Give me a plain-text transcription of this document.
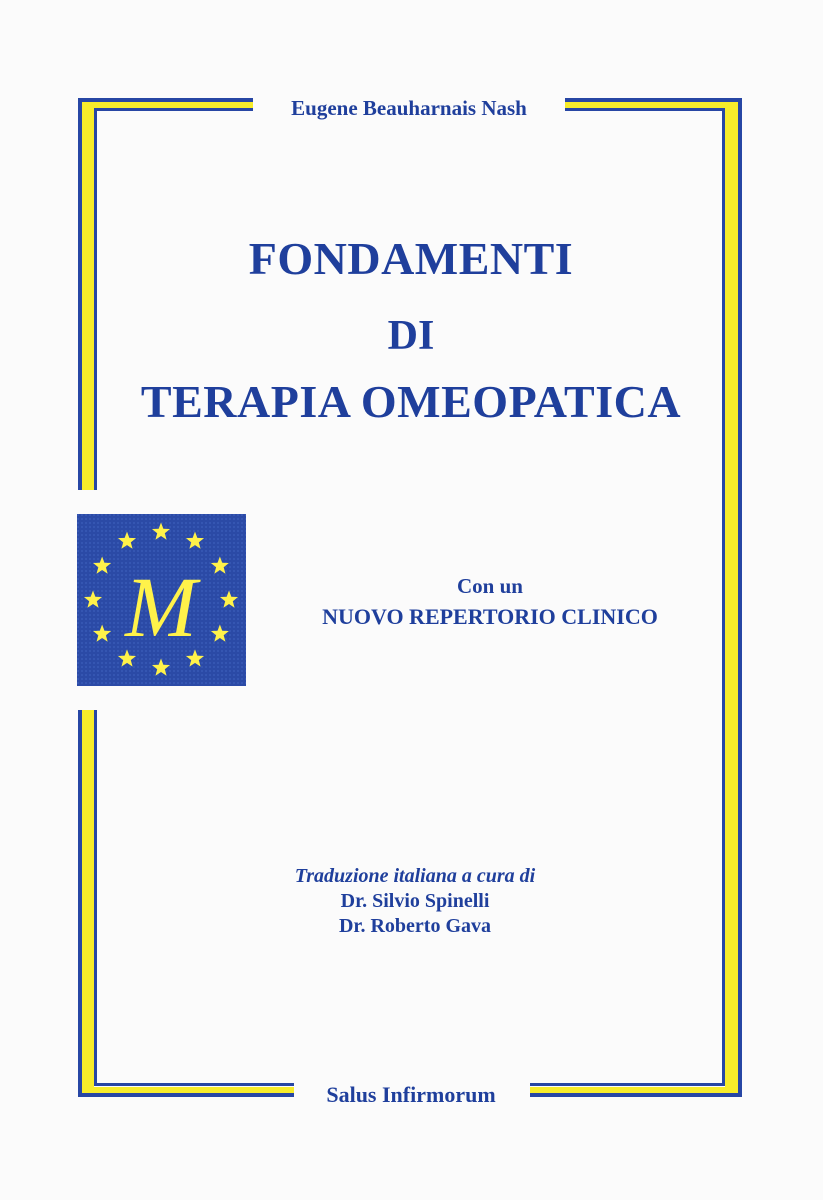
Eugene Beauharnais Nash
FONDAMENTI
DI
TERAPIA OMEOPATICA
M	Con un
NUOVO REPERTORIO CLINICO
Traduzione italiana a cura di
Dr. Silvio Spinelli
Dr. Roberto Gava
Salus Infirmorum
